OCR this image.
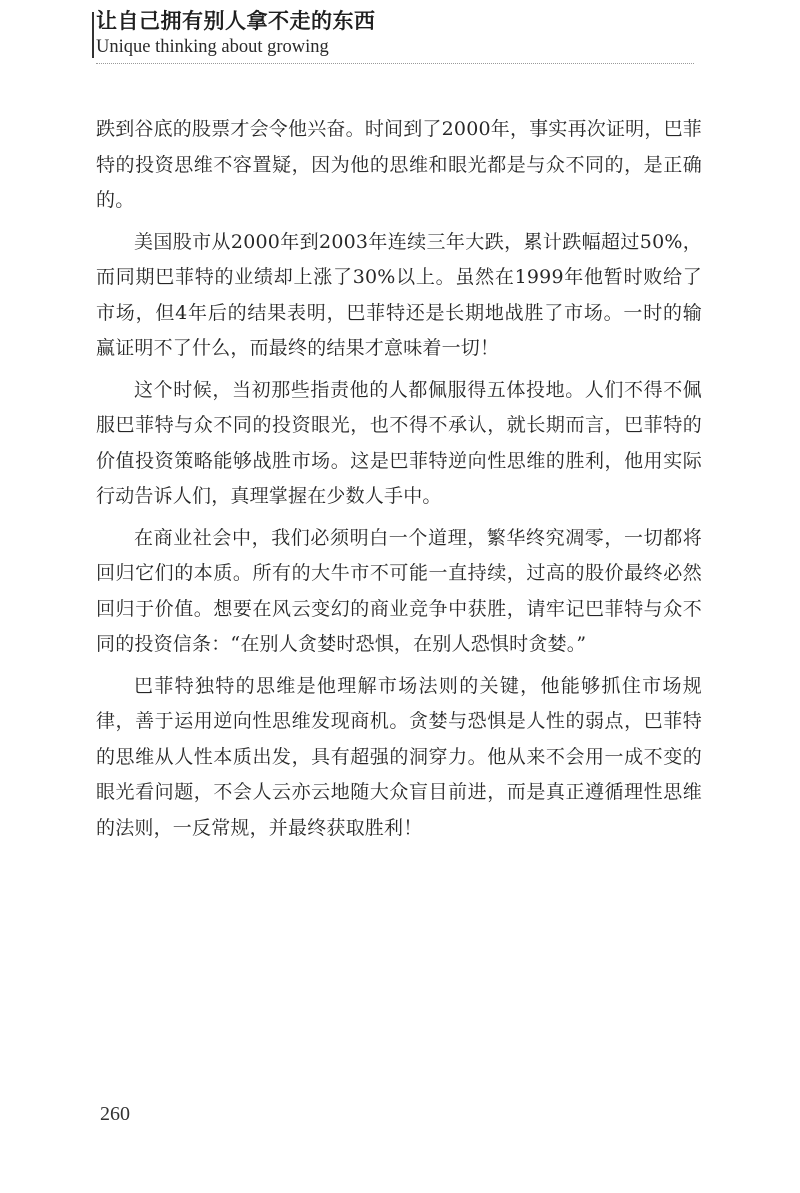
让自己拥有别人拿不走的东西
Unique thinking about growing

跌到谷底的股票才会令他兴奋。时间到了2000年，事实再次证明，巴菲特的投资思维不容置疑，因为他的思维和眼光都是与众不同的，是正确的。

美国股市从2000年到2003年连续三年大跌，累计跌幅超过50%，而同期巴菲特的业绩却上涨了30%以上。虽然在1999年他暂时败给了市场，但4年后的结果表明，巴菲特还是长期地战胜了市场。一时的输赢证明不了什么，而最终的结果才意味着一切！

这个时候，当初那些指责他的人都佩服得五体投地。人们不得不佩服巴菲特与众不同的投资眼光，也不得不承认，就长期而言，巴菲特的价值投资策略能够战胜市场。这是巴菲特逆向性思维的胜利，他用实际行动告诉人们，真理掌握在少数人手中。

在商业社会中，我们必须明白一个道理，繁华终究凋零，一切都将回归它们的本质。所有的大牛市不可能一直持续，过高的股价最终必然回归于价值。想要在风云变幻的商业竞争中获胜，请牢记巴菲特与众不同的投资信条：“在别人贪婪时恐惧，在别人恐惧时贪婪。”

巴菲特独特的思维是他理解市场法则的关键，他能够抓住市场规律，善于运用逆向性思维发现商机。贪婪与恐惧是人性的弱点，巴菲特的思维从人性本质出发，具有超强的洞穿力。他从来不会用一成不变的眼光看问题，不会人云亦云地随大众盲目前进，而是真正遵循理性思维的法则，一反常规，并最终获取胜利！

260
